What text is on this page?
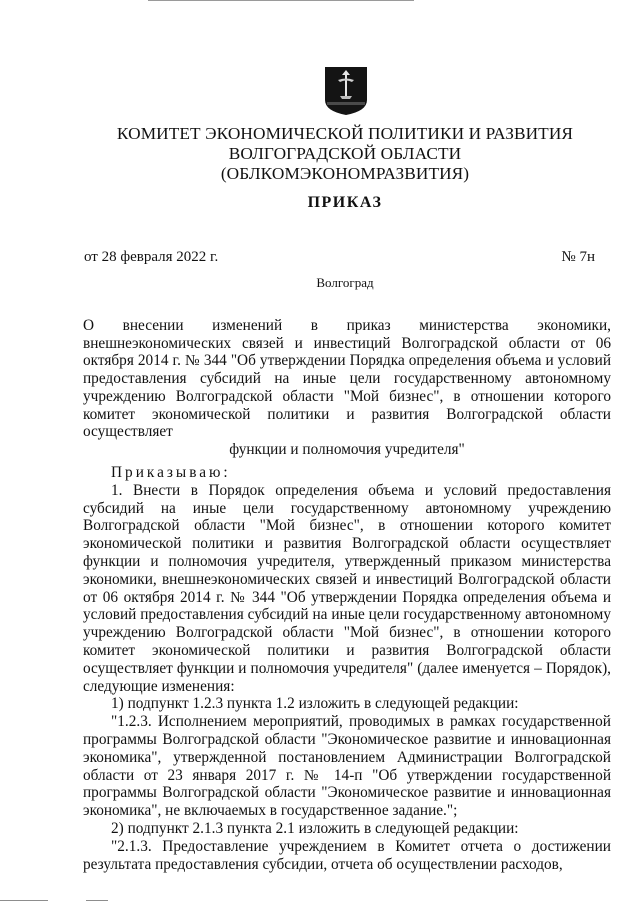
КОМИТЕТ ЭКОНОМИЧЕСКОЙ ПОЛИТИКИ И РАЗВИТИЯ
ВОЛГОГРАДСКОЙ ОБЛАСТИ
(ОБЛКОМЭКОНОМРАЗВИТИЯ)
ПРИКАЗ
от 28 февраля 2022 г.	№ 7н
Волгоград
О внесении изменений в приказ министерства экономики, внешнеэкономических связей и инвестиций Волгоградской области от 06 октября 2014 г. № 344 "Об утверждении Порядка определения объема и условий предоставления субсидий на иные цели государственному автономному учреждению Волгоградской области "Мой бизнес", в отношении которого комитет экономической политики и развития Волгоградской области осуществляет
функции и полномочия учредителя"

Приказываю:

1. Внести в Порядок определения объема и условий предоставления субсидий на иные цели государственному автономному учреждению Волгоградской области "Мой бизнес", в отношении которого комитет экономической политики и развития Волгоградской области осуществляет функции и полномочия учредителя, утвержденный приказом министерства экономики, внешнеэкономических связей и инвестиций Волгоградской области от 06 октября 2014 г. № 344 "Об утверждении Порядка определения объема и условий предоставления субсидий на иные цели государственному автономному учреждению Волгоградской области "Мой бизнес", в отношении которого комитет экономической политики и развития Волгоградской области осуществляет функции и полномочия учредителя" (далее именуется – Порядок), следующие изменения:

1) подпункт 1.2.3 пункта 1.2 изложить в следующей редакции:

"1.2.3. Исполнением мероприятий, проводимых в рамках государственной программы Волгоградской области "Экономическое развитие и инновационная экономика", утвержденной постановлением Администрации Волгоградской области от 23 января 2017 г. № 14-п "Об утверждении государственной программы Волгоградской области "Экономическое развитие и инновационная экономика", не включаемых в государственное задание.";

2) подпункт 2.1.3 пункта 2.1 изложить в следующей редакции:

"2.1.3. Предоставление учреждением в Комитет отчета о достижении результата предоставления субсидии, отчета об осуществлении расходов,
